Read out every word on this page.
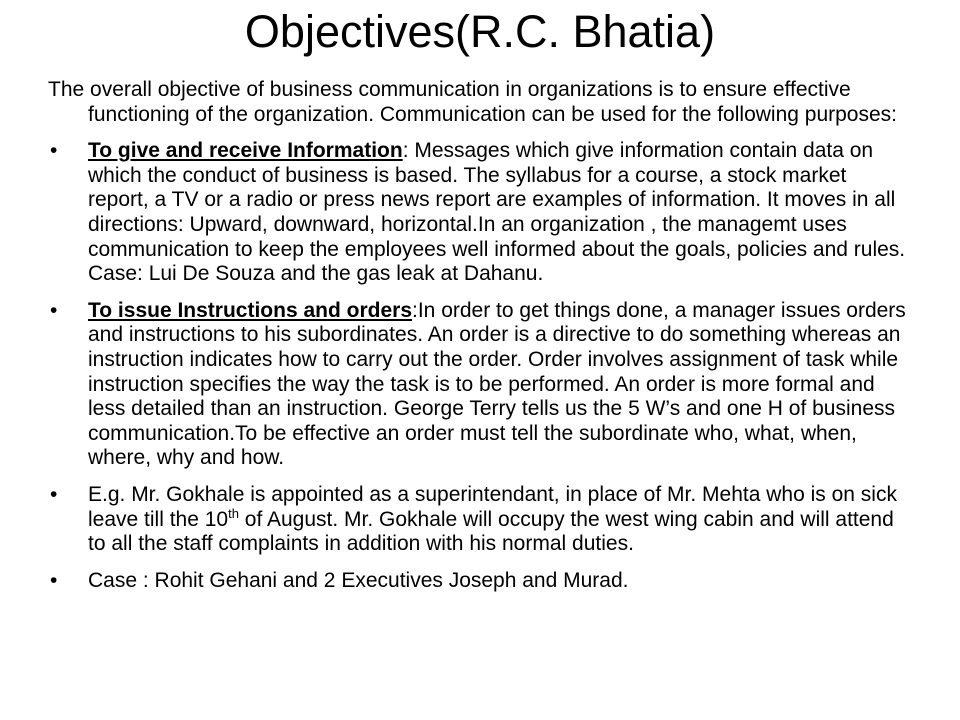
Objectives(R.C. Bhatia)

The overall objective of business communication in organizations is to ensure effective functioning of the organization. Communication can be used for the following purposes:

• To give and receive Information: Messages which give information contain data on which the conduct of business is based. The syllabus for a course, a stock market report, a TV or a radio or press news report are examples of information. It moves in all directions: Upward, downward, horizontal.In an organization , the managemt uses communication to keep the employees well informed about the goals, policies and rules. Case: Lui De Souza and the gas leak at Dahanu.
• To issue Instructions and orders:In order to get things done, a manager issues orders and instructions to his subordinates. An order is a directive to do something whereas an instruction indicates how to carry out the order. Order involves assignment of task while instruction specifies the way the task is to be performed. An order is more formal and less detailed than an instruction. George Terry tells us the 5 W’s and one H of business communication.To be effective an order must tell the subordinate who, what, when, where, why and how.
• E.g. Mr. Gokhale is appointed as a superintendant, in place of Mr. Mehta who is on sick leave till the 10th of August. Mr. Gokhale will occupy the west wing cabin and will attend to all the staff complaints in addition with his normal duties.
• Case : Rohit Gehani and 2 Executives Joseph and Murad.
